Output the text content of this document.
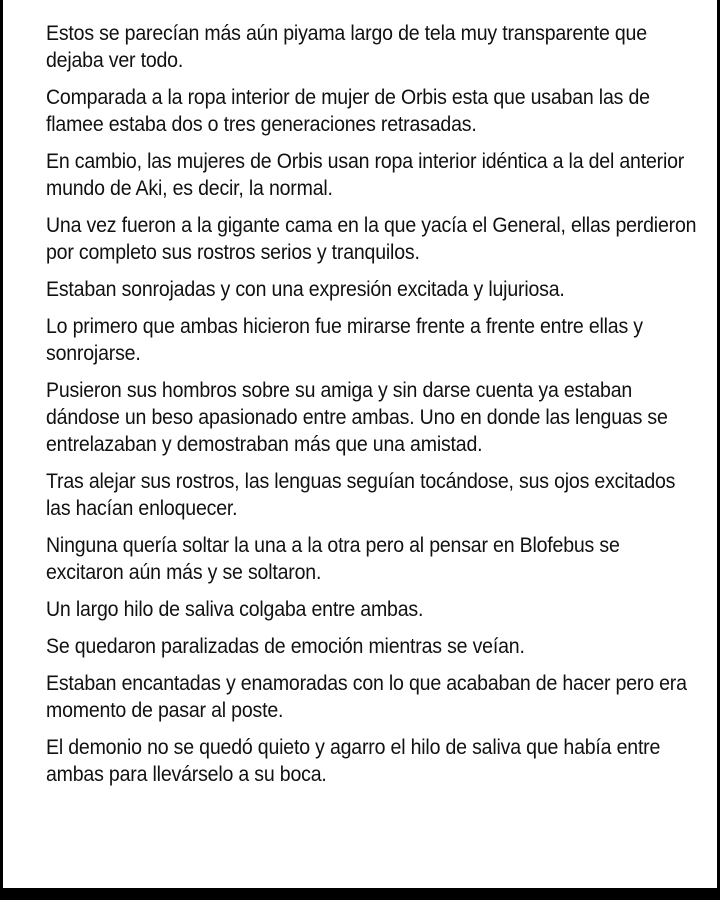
Estos se parecían más aún piyama largo de tela muy transparente que dejaba ver todo.

Comparada a la ropa interior de mujer de Orbis esta que usaban las de flamee estaba dos o tres generaciones retrasadas.

En cambio, las mujeres de Orbis usan ropa interior idéntica a la del anterior mundo de Aki, es decir, la normal.

Una vez fueron a la gigante cama en la que yacía el General, ellas perdieron por completo sus rostros serios y tranquilos.

Estaban sonrojadas y con una expresión excitada y lujuriosa.

Lo primero que ambas hicieron fue mirarse frente a frente entre ellas y sonrojarse.

Pusieron sus hombros sobre su amiga y sin darse cuenta ya estaban dándose un beso apasionado entre ambas. Uno en donde las lenguas se entrelazaban y demostraban más que una amistad.

Tras alejar sus rostros, las lenguas seguían tocándose, sus ojos excitados las hacían enloquecer.

Ninguna quería soltar la una a la otra pero al pensar en Blofebus se excitaron aún más y se soltaron.

Un largo hilo de saliva colgaba entre ambas.

Se quedaron paralizadas de emoción mientras se veían.

Estaban encantadas y enamoradas con lo que acababan de hacer pero era momento de pasar al poste.

El demonio no se quedó quieto y agarro el hilo de saliva que había entre ambas para llevárselo a su boca.
